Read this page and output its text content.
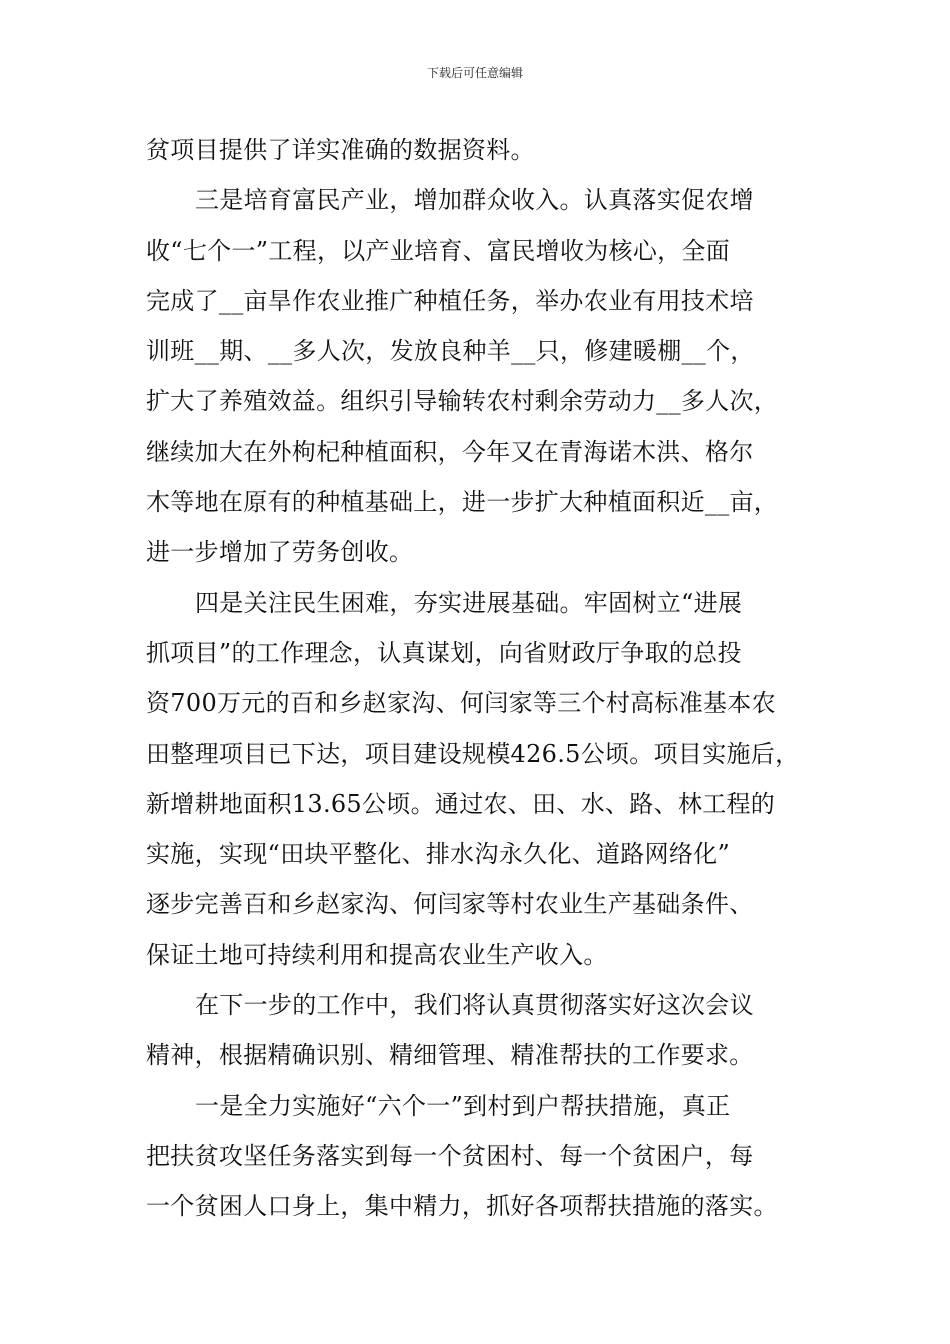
下载后可任意编辑
贫项目提供了详实准确的数据资料。
三是培育富民产业，增加群众收入。认真落实促农增
收“七个一”工程，以产业培育、富民增收为核心，全面
完成了__亩旱作农业推广种植任务，举办农业有用技术培
训班__期、__多人次，发放良种羊__只，修建暖棚__个，
扩大了养殖效益。组织引导输转农村剩余劳动力__多人次，
继续加大在外枸杞种植面积，今年又在青海诺木洪、格尔
木等地在原有的种植基础上，进一步扩大种植面积近__亩，
进一步增加了劳务创收。
四是关注民生困难，夯实进展基础。牢固树立“进展
抓项目”的工作理念，认真谋划，向省财政厅争取的总投
资700万元的百和乡赵家沟、何闫家等三个村高标准基本农
田整理项目已下达，项目建设规模426.5公顷。项目实施后，
新增耕地面积13.65公顷。通过农、田、水、路、林工程的
实施，实现“田块平整化、排水沟永久化、道路网络化”
逐步完善百和乡赵家沟、何闫家等村农业生产基础条件、
保证土地可持续利用和提高农业生产收入。
在下一步的工作中，我们将认真贯彻落实好这次会议
精神，根据精确识别、精细管理、精准帮扶的工作要求。
一是全力实施好“六个一”到村到户帮扶措施，真正
把扶贫攻坚任务落实到每一个贫困村、每一个贫困户，每
一个贫困人口身上，集中精力，抓好各项帮扶措施的落实。
